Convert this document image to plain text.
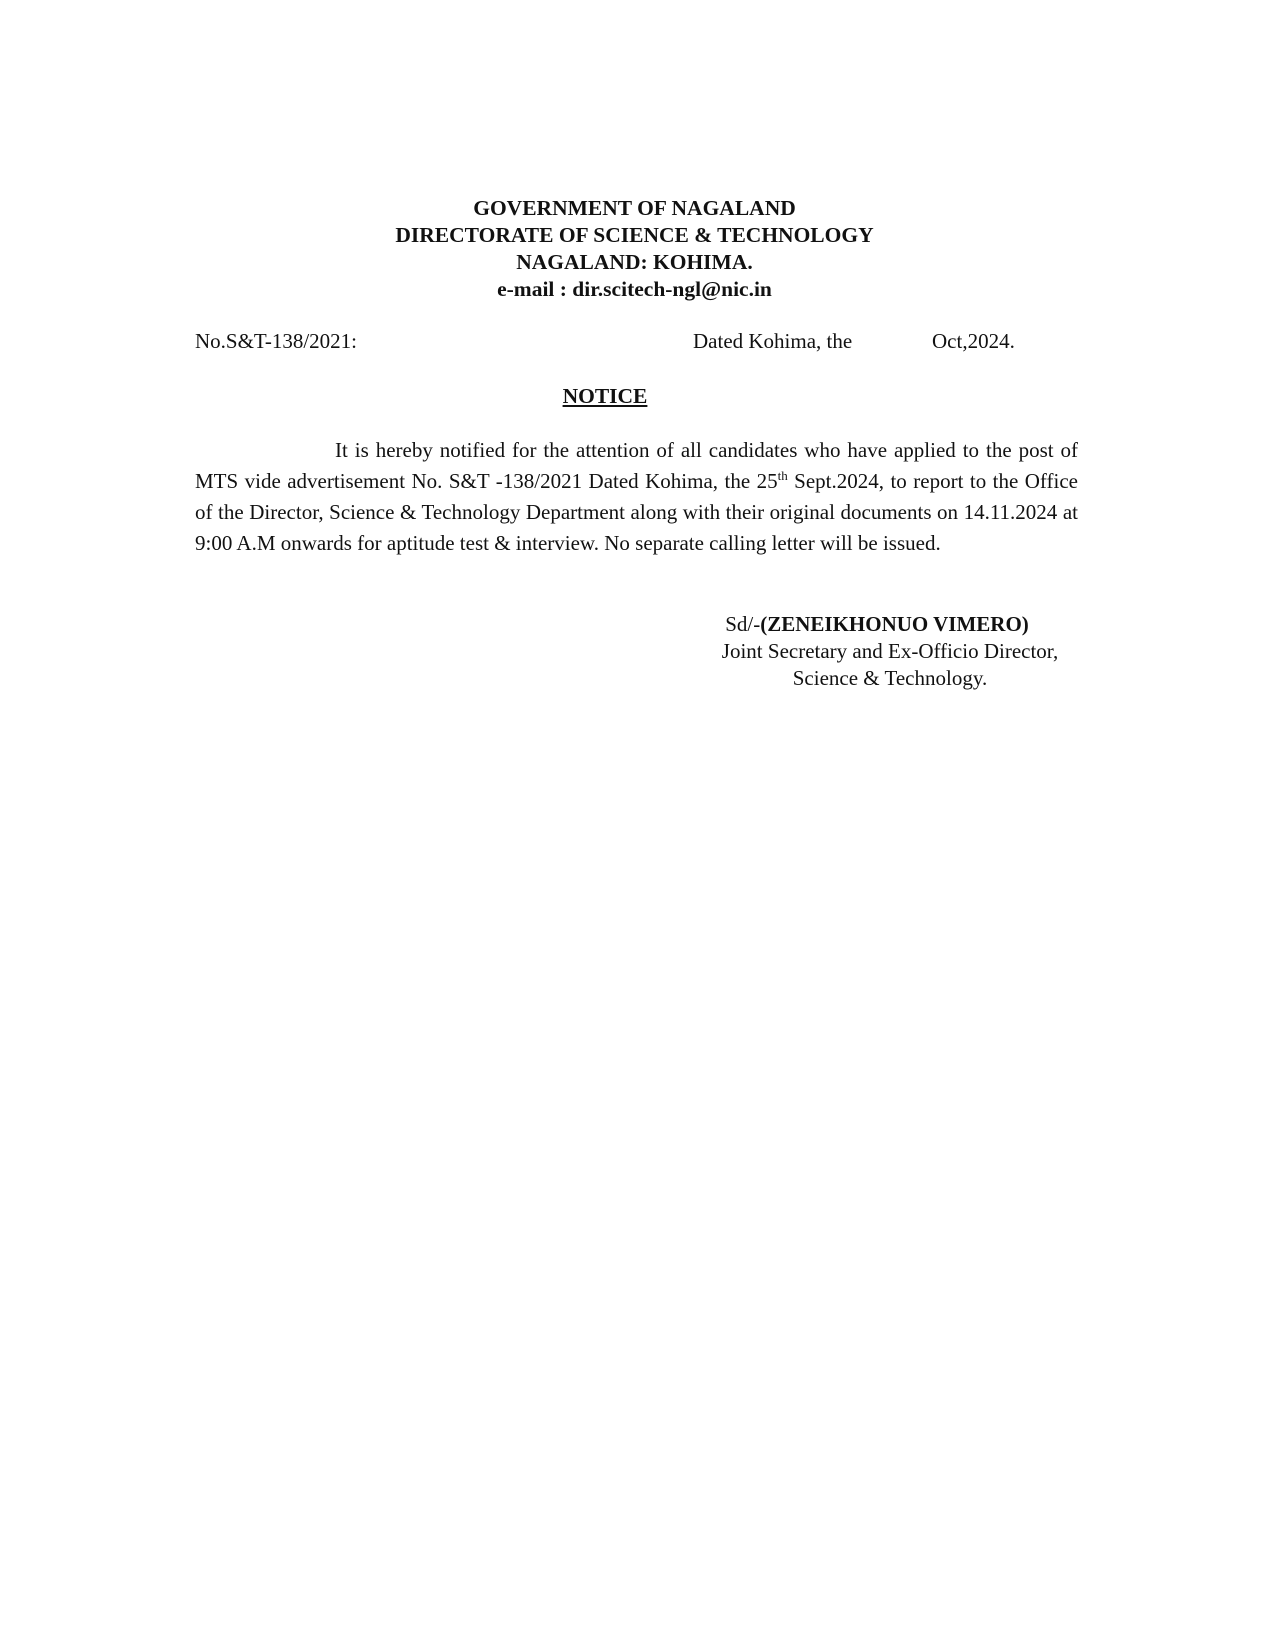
GOVERNMENT OF NAGALAND
DIRECTORATE OF SCIENCE & TECHNOLOGY
NAGALAND: KOHIMA.
e-mail : dir.scitech-ngl@nic.in
No.S&T-138/2021:	Dated Kohima, the	Oct,2024.
NOTICE
It is hereby notified for the attention of all candidates who have applied to the post of MTS vide advertisement No. S&T -138/2021 Dated Kohima, the 25th Sept.2024, to report to the Office of the Director, Science & Technology Department along with their original documents on 14.11.2024 at 9:00 A.M onwards for aptitude test & interview. No separate calling letter will be issued.
Sd/-(ZENEIKHONUO VIMERO)
Joint Secretary and Ex-Officio Director,
Science & Technology.
